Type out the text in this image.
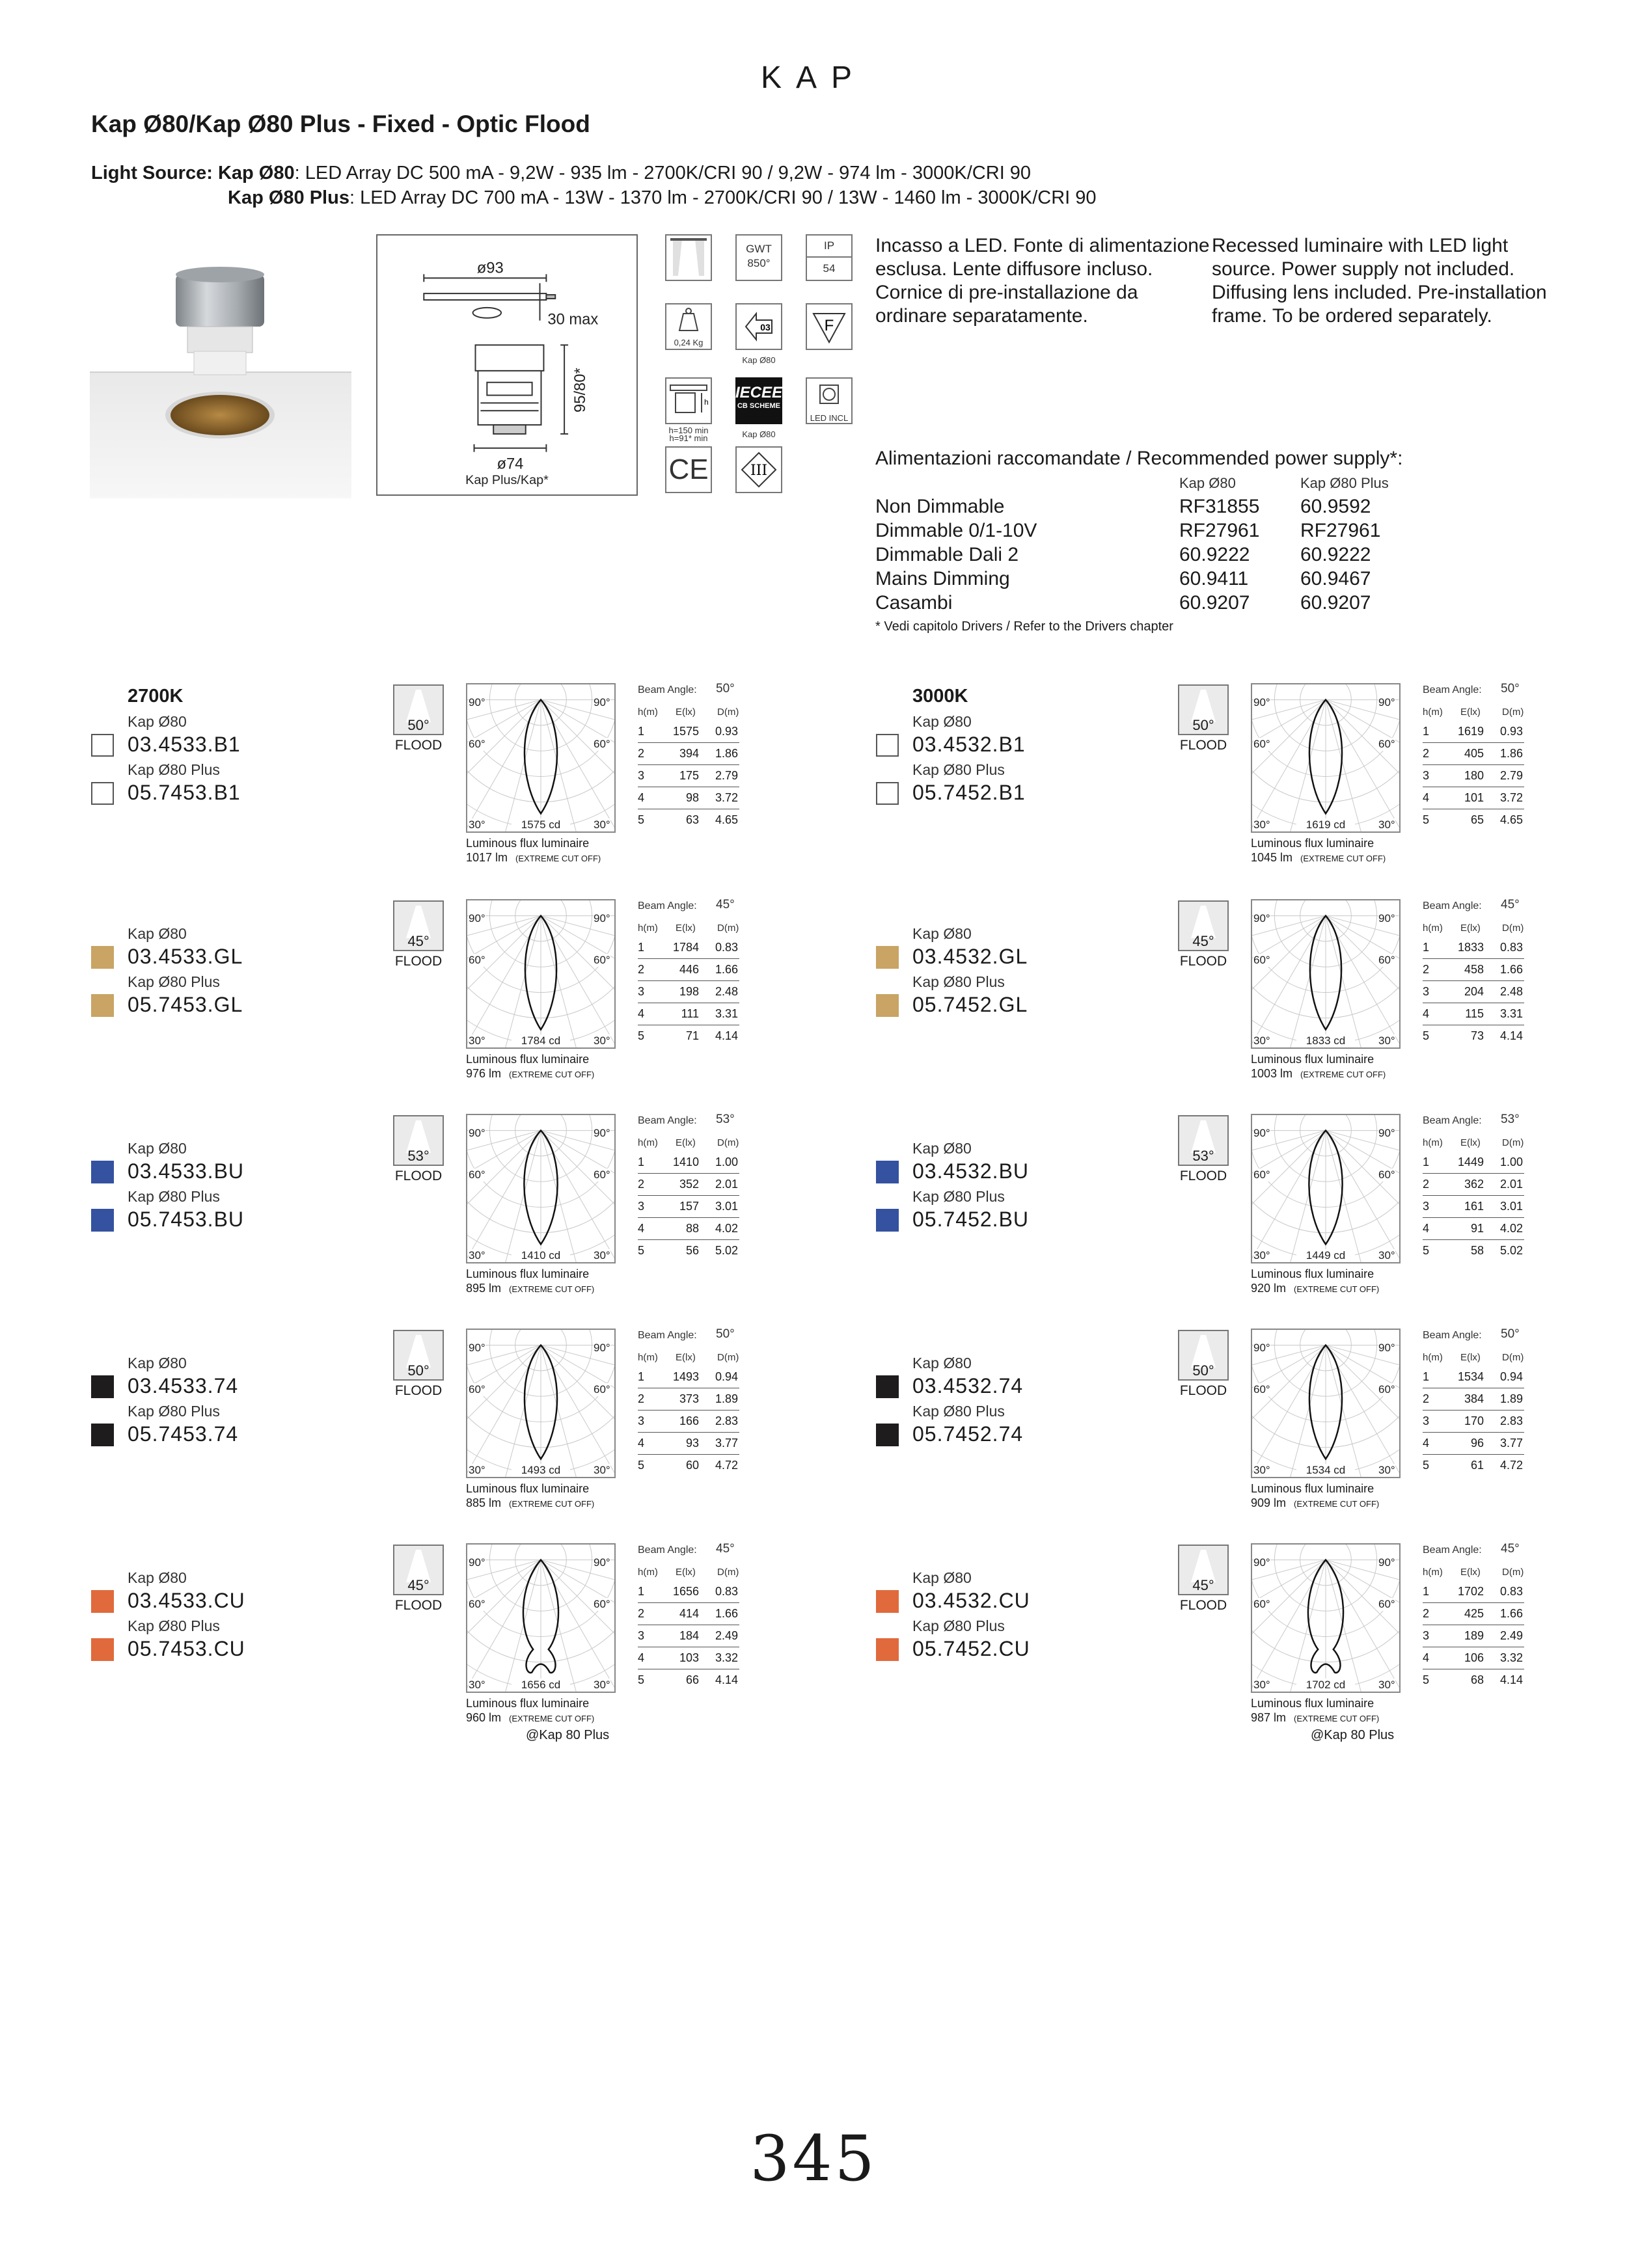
KAP
Kap Ø80/Kap Ø80 Plus - Fixed - Optic Flood
Light Source: Kap Ø80: LED Array DC 500 mA - 9,2W - 935 lm - 2700K/CRI 90 / 9,2W - 974 lm - 3000K/CRI 90
Kap Ø80 Plus: LED Array DC 700 mA - 13W - 1370 lm - 2700K/CRI 90 / 13W - 1460 lm - 3000K/CRI 90
ø93
30 max
95/80*
ø74
Kap Plus/Kap*
GWT
850°
IP
54
0,24 Kg
03
Kap Ø80
F
h
h=150 min
h=91* min
IECEE
CB SCHEME
Kap Ø80
LED INCL
CE	III
Incasso a LED. Fonte di alimentazione esclusa. Lente diffusore incluso. Cornice di pre-installazione da ordinare separatamente.
Recessed luminaire with LED light source. Power supply not included. Diffusing lens included. Pre-installation frame. To be ordered separately.
Alimentazioni raccomandate / Recommended power supply*:
Kap Ø80	Kap Ø80 Plus
Non Dimmable	RF31855 60.9592
Dimmable 0/1-10V	RF27961 RF27961
Dimmable Dali 2	60.9222	60.9222
Mains Dimming	60.9411	60.9467
Casambi	60.9207	60.9207
* Vedi capitolo Drivers / Refer to the Drivers chapter
2700K
Kap Ø80
03.4533.B1
Kap Ø80 Plus
05.7453.B1
50°
FLOOD
90°	90°
60°	60°
30°	30°
1575 cd
Luminous flux luminaire
1017 lm (EXTREME CUT OFF)
Beam Angle: 50°
h(m) E(lx) D(m)
1 1575 0.93
2	394 1.86
3	175 2.79
4	98 3.72
5	63 4.65
Kap Ø80
03.4533.GL
Kap Ø80 Plus
05.7453.GL
45°
FLOOD
90°	90°
60°	60°
30°	30°
1784 cd
Luminous flux luminaire
976 lm (EXTREME CUT OFF)
Beam Angle: 45°
h(m) E(lx) D(m)
1 1784 0.83
2	446 1.66
3	198 2.48
4	111 3.31
5	71 4.14
Kap Ø80
03.4533.BU
Kap Ø80 Plus
05.7453.BU
53°
FLOOD
90°	90°
60°	60°
30°	30°
1410 cd
Luminous flux luminaire
895 lm (EXTREME CUT OFF)
Beam Angle: 53°
h(m) E(lx) D(m)
1 1410 1.00
2	352 2.01
3	157 3.01
4	88 4.02
5	56 5.02
Kap Ø80
03.4533.74
Kap Ø80 Plus
05.7453.74
50°
FLOOD
90°	90°
60°	60°
30°	30°
1493 cd
Luminous flux luminaire
885 lm (EXTREME CUT OFF)
Beam Angle: 50°
h(m) E(lx) D(m)
1 1493 0.94
2	373 1.89
3	166 2.83
4	93 3.77
5	60 4.72
Kap Ø80
03.4533.CU
Kap Ø80 Plus
05.7453.CU
45°
FLOOD
90°	90°
60°	60°
30°	30°
1656 cd
Luminous flux luminaire
960 lm (EXTREME CUT OFF)
@Kap 80 Plus
Beam Angle: 45°
h(m) E(lx) D(m)
1 1656 0.83
2	414 1.66
3	184 2.49
4	103 3.32
5	66 4.14
3000K
Kap Ø80
03.4532.B1
Kap Ø80 Plus
05.7452.B1
50°
FLOOD
90°	90°
60°	60°
30°	30°
1619 cd
Luminous flux luminaire
1045 lm (EXTREME CUT OFF)
Beam Angle: 50°
h(m) E(lx) D(m)
1 1619 0.93
2	405 1.86
3	180 2.79
4	101 3.72
5	65 4.65
Kap Ø80
03.4532.GL
Kap Ø80 Plus
05.7452.GL
45°
FLOOD
90°	90°
60°	60°
30°	30°
1833 cd
Luminous flux luminaire
1003 lm (EXTREME CUT OFF)
Beam Angle: 45°
h(m) E(lx) D(m)
1 1833 0.83
2	458 1.66
3	204 2.48
4	115 3.31
5	73 4.14
Kap Ø80
03.4532.BU
Kap Ø80 Plus
05.7452.BU
53°
FLOOD
90°	90°
60°	60°
30°	30°
1449 cd
Luminous flux luminaire
920 lm (EXTREME CUT OFF)
Beam Angle: 53°
h(m) E(lx) D(m)
1 1449 1.00
2	362 2.01
3	161 3.01
4	91 4.02
5	58 5.02
Kap Ø80
03.4532.74
Kap Ø80 Plus
05.7452.74
50°
FLOOD
90°	90°
60°	60°
30°	30°
1534 cd
Luminous flux luminaire
909 lm (EXTREME CUT OFF)
Beam Angle: 50°
h(m) E(lx) D(m)
1 1534 0.94
2	384 1.89
3	170 2.83
4	96 3.77
5	61 4.72
Kap Ø80
03.4532.CU
Kap Ø80 Plus
05.7452.CU
45°
FLOOD
90°	90°
60°	60°
30°	30°
1702 cd
Luminous flux luminaire
987 lm (EXTREME CUT OFF)
@Kap 80 Plus
Beam Angle: 45°
h(m) E(lx) D(m)
1 1702 0.83
2	425 1.66
3	189 2.49
4	106 3.32
5	68 4.14
345
